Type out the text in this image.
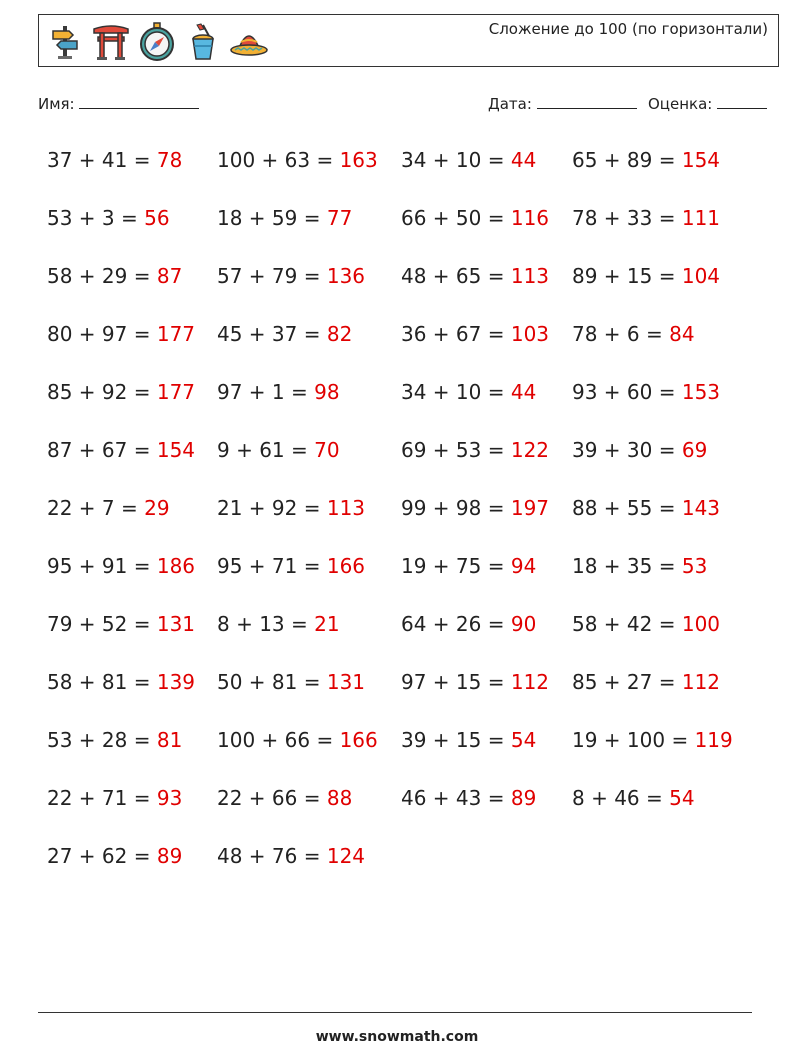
Сложение до 100 (по горизонтали)
Имя:	Дата:	Оценка:
37 + 41 = 78 100 + 63 = 163 34 + 10 = 44 65 + 89 = 154
53 + 3 = 56 18 + 59 = 77 66 + 50 = 116 78 + 33 = 111
58 + 29 = 87 57 + 79 = 136 48 + 65 = 113 89 + 15 = 104
80 + 97 = 177 45 + 37 = 82 36 + 67 = 103 78 + 6 = 84
85 + 92 = 177 97 + 1 = 98	34 + 10 = 44 93 + 60 = 153
87 + 67 = 154 9 + 61 = 70	69 + 53 = 122 39 + 30 = 69
22 + 7 = 29 21 + 92 = 113 99 + 98 = 197 88 + 55 = 143
95 + 91 = 186 95 + 71 = 166 19 + 75 = 94 18 + 35 = 53
79 + 52 = 131 8 + 13 = 21	64 + 26 = 90 58 + 42 = 100
58 + 81 = 139 50 + 81 = 131 97 + 15 = 112 85 + 27 = 112
53 + 28 = 81 100 + 66 = 166 39 + 15 = 54 19 + 100 = 119
22 + 71 = 93 22 + 66 = 88 46 + 43 = 89 8 + 46 = 54
27 + 62 = 89 48 + 76 = 124
www.snowmath.com
